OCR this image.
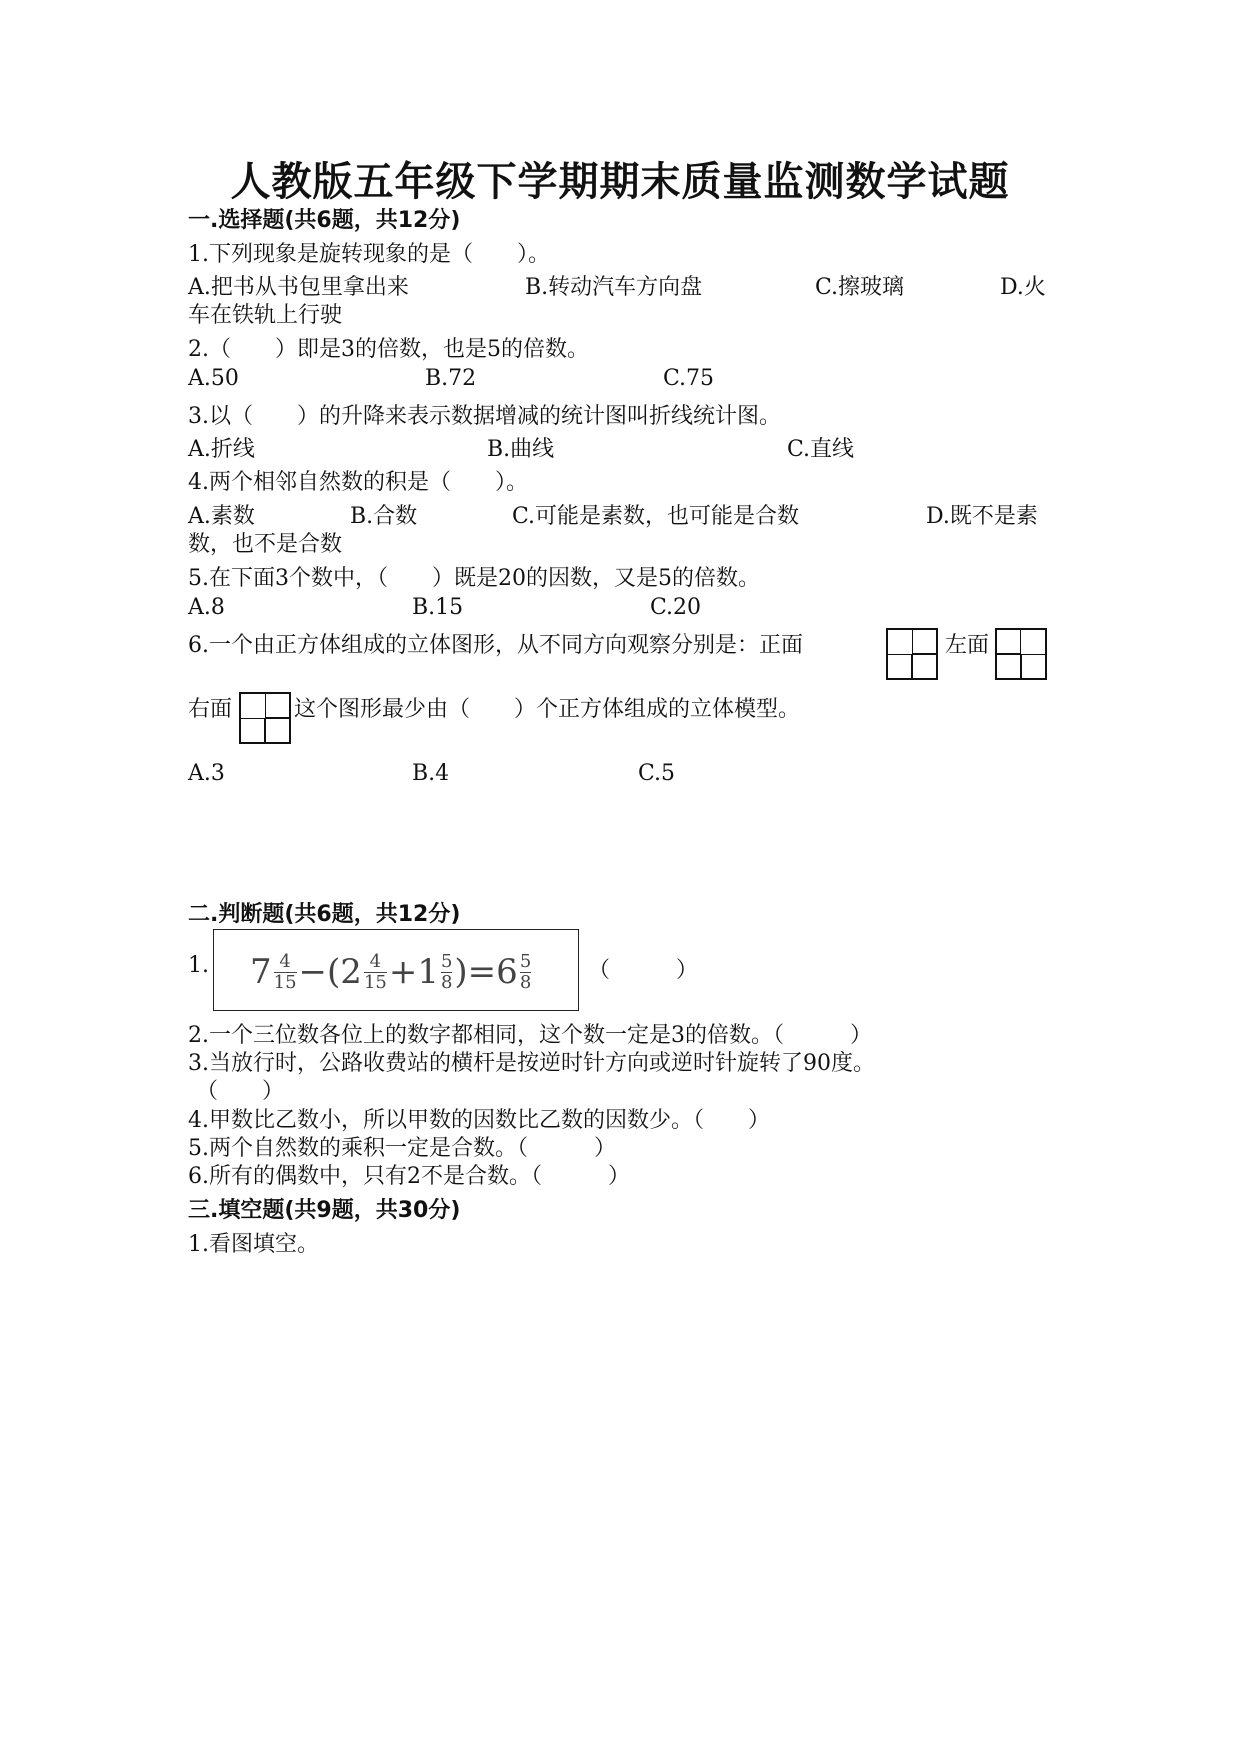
人教版五年级下学期期末质量监测数学试题
一.选择题(共6题，共12分)
1.下列现象是旋转现象的是（　　）。
A.把书从书包里拿出来	B.转动汽车方向盘	C.擦玻璃	D.火
车在铁轨上行驶
2.（　　）即是3的倍数，也是5的倍数。
A.50	B.72	C.75
3.以（　　）的升降来表示数据增减的统计图叫折线统计图。
A.折线	B.曲线	C.直线
4.两个相邻自然数的积是（　　）。
A.素数	B.合数	C.可能是素数，也可能是合数	D.既不是素
数，也不是合数
5.在下面3个数中，（　　）既是20的因数，又是5的倍数。
A.8	B.15	C.20
6.一个由正方体组成的立体图形，从不同方向观察分别是：正面	左面
右面	这个图形最少由（　　）个正方体组成的立体模型。
A.3	B.4	C.5
二.判断题(共6题，共12分)
1. $7 \frac{4}{15} -(2 \frac{4}{15} +1 \frac{5}{8} )=6 \frac{5}{8}$	（　　　）
2.一个三位数各位上的数字都相同，这个数一定是3的倍数。（　　　）
3.当放行时，公路收费站的横杆是按逆时针方向或逆时针旋转了90度。
（　　）
4.甲数比乙数小，所以甲数的因数比乙数的因数少。（　　）
5.两个自然数的乘积一定是合数。（　　　）
6.所有的偶数中，只有2不是合数。（　　　）
三.填空题(共9题，共30分)
1.看图填空。
